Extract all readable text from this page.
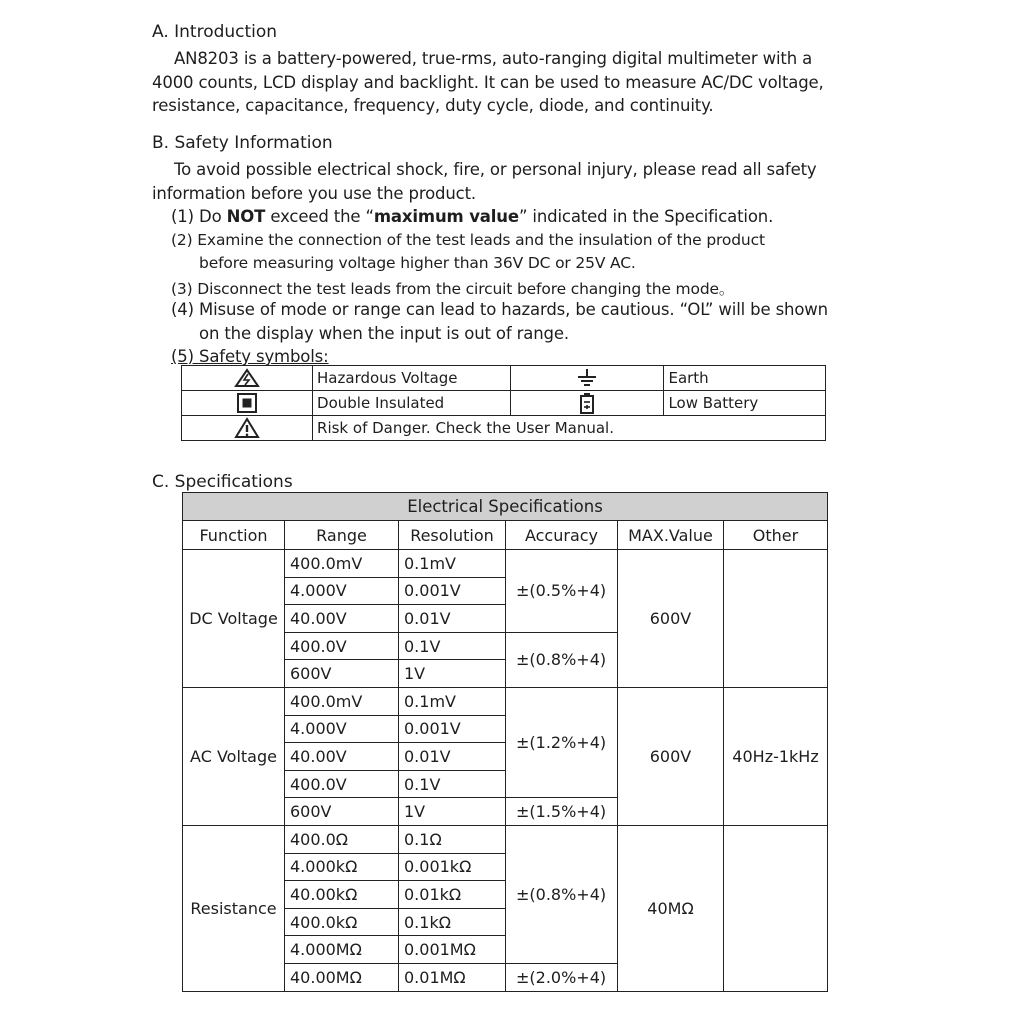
A. Introduction
AN8203 is a battery-powered, true-rms, auto-ranging digital multimeter with a
4000 counts, LCD display and backlight. It can be used to measure AC/DC voltage,
resistance, capacitance, frequency, duty cycle, diode, and continuity.
B. Safety Information
To avoid possible electrical shock, fire, or personal injury, please read all safety
information before you use the product.
(1) Do NOT exceed the “maximum value” indicated in the Specification.
(2) Examine the connection of the test leads and the insulation of the product
before measuring voltage higher than 36V DC or 25V AC.
(3) Disconnect the test leads from the circuit before changing the mode。
(4) Misuse of mode or range can lead to hazards, be cautious. “OL” will be shown
on the display when the input is out of range.
(5) Safety symbols:
	Hazardous Voltage		Earth

	Double Insulated		Low Battery

	Risk of Danger. Check the User Manual.		
C. Specifications
Electrical Specifications					
Function	Range	Resolution	Accuracy	MAX.Value	Other
DC Voltage	400.0mV	0.1mV	±(0.5%+4)	600V	
	4.000V	0.001V			
	40.00V	0.01V			
	400.0V	0.1V	±(0.8%+4)		
	600V	1V			
AC Voltage	400.0mV	0.1mV	±(1.2%+4)	600V	40Hz-1kHz
	4.000V	0.001V			
	40.00V	0.01V			
	400.0V	0.1V			
	600V	1V	±(1.5%+4)		
Resistance	400.0Ω	0.1Ω	±(0.8%+4)	40MΩ	
	4.000kΩ	0.001kΩ			
	40.00kΩ	0.01kΩ			
	400.0kΩ	0.1kΩ			
	4.000MΩ	0.001MΩ			
	40.00MΩ	0.01MΩ	±(2.0%+4)		
